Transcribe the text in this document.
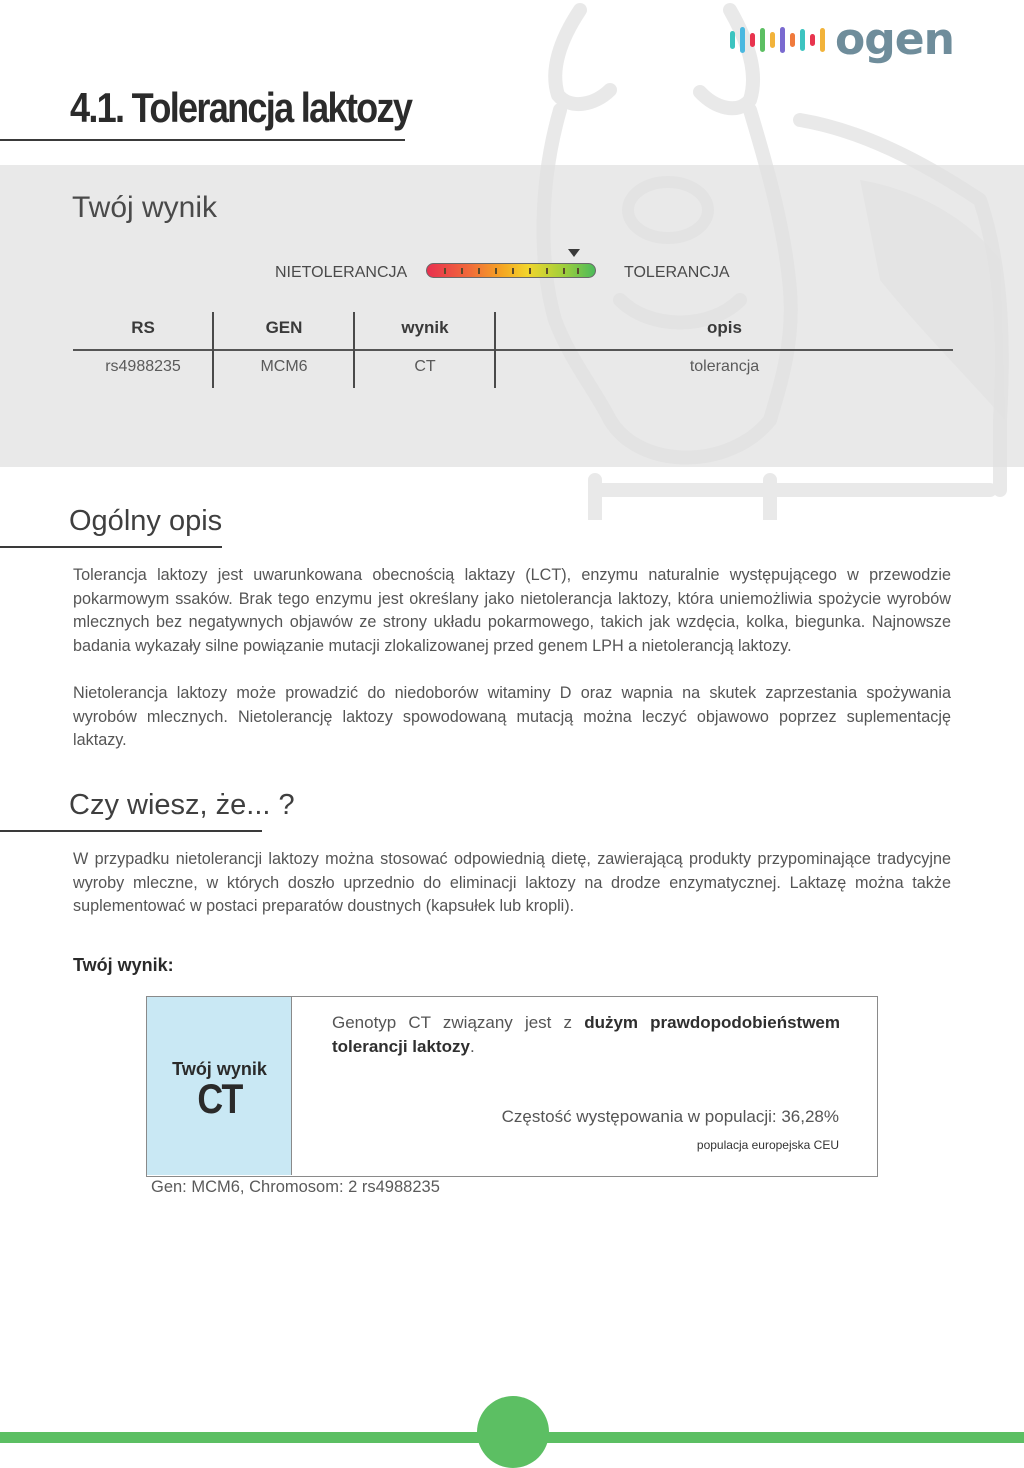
ogen
4.1. Tolerancja laktozy
Twój wynik
NIETOLERANCJA	TOLERANCJA
RS	GEN	wynik	opis
rs4988235	MCM6	CT	tolerancja
Ogólny opis
Tolerancja laktozy jest uwarunkowana obecnością laktazy (LCT), enzymu naturalnie występującego w przewodzie pokarmowym ssaków. Brak tego enzymu jest określany jako nietolerancja laktozy, która uniemożliwia spożycie wyrobów mlecznych bez negatywnych objawów ze strony układu pokarmowego, takich jak wzdęcia, kolka, biegunka. Najnowsze badania wykazały silne powiązanie mutacji zlokalizowanej przed genem LPH a nietolerancją laktozy.
Nietolerancja laktozy może prowadzić do niedoborów witaminy D oraz wapnia na skutek zaprzestania spożywania wyrobów mlecznych. Nietolerancję laktozy spowodowaną mutacją można leczyć objawowo poprzez suplementację laktazy.
Czy wiesz, że... ?
W przypadku nietolerancji laktozy można stosować odpowiednią dietę, zawierającą produkty przypominające tradycyjne wyroby mleczne, w których doszło uprzednio do eliminacji laktozy na drodze enzymatycznej. Laktazę można także suplementować w postaci preparatów doustnych (kapsułek lub kropli).
Twój wynik:
Twój wynik
CT
Genotyp CT związany jest z dużym prawdopodobieństwem tolerancji laktozy.
Częstość występowania w populacji: 36,28%
populacja europejska CEU
Gen: MCM6, Chromosom: 2 rs4988235
